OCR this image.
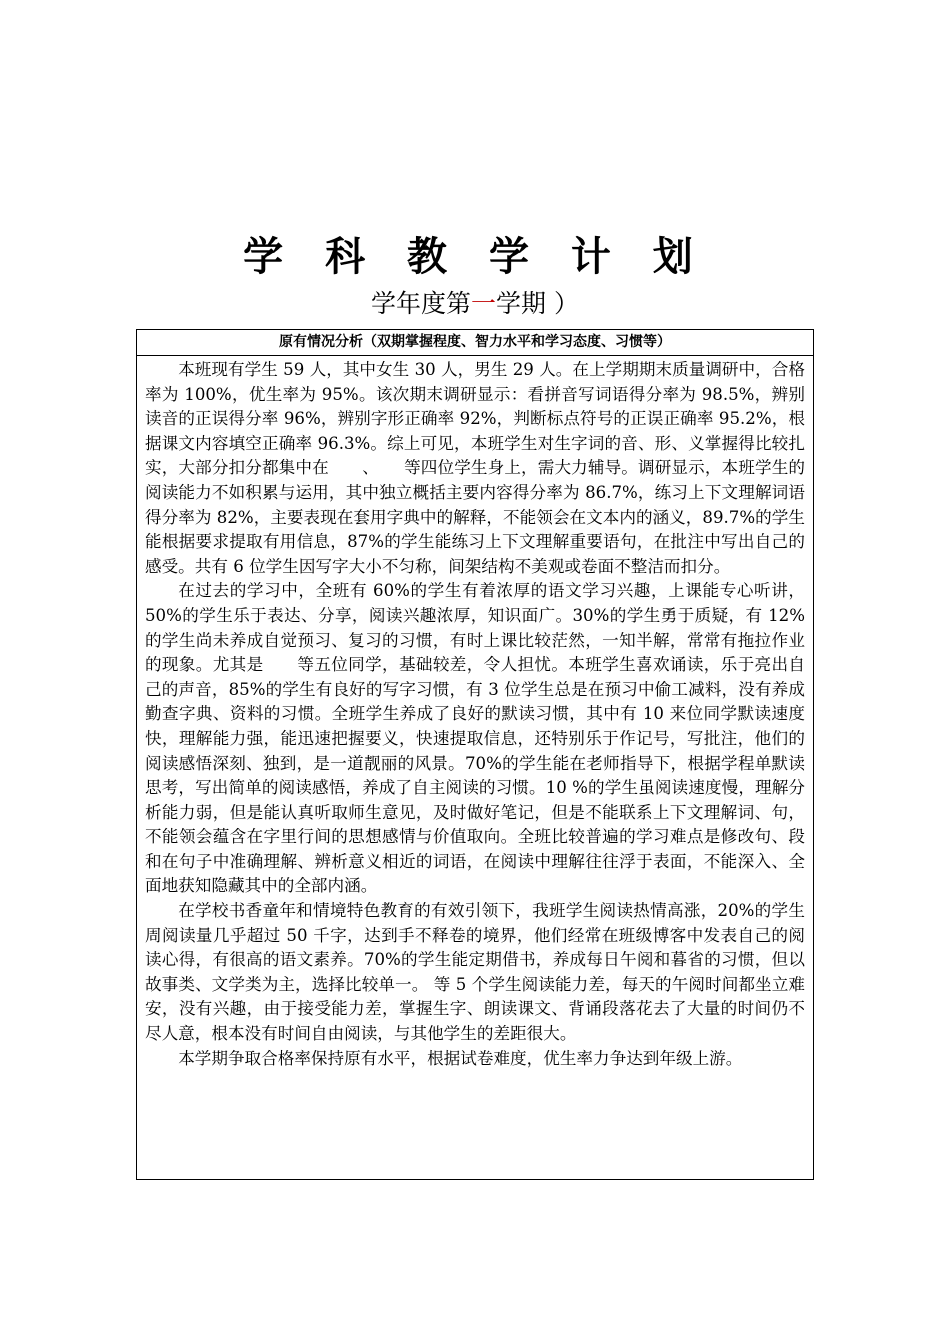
学 科 教 学 计 划
学年度第一学期 ）
原有情况分析（双期掌握程度、智力水平和学习态度、习惯等）

本班现有学生 59 人，其中女生 30 人，男生 29 人。在上学期期末质量调研中，合格率为 100%，优生率为 95%。该次期末调研显示：看拼音写词语得分率为 98.5%，辨别读音的正误得分率 96%，辨别字形正确率 92%，判断标点符号的正误正确率 95.2%，根据课文内容填空正确率 96.3%。综上可见，本班学生对生字词的音、形、义掌握得比较扎实，大部分扣分都集中在　　、　　等四位学生身上，需大力辅导。调研显示，本班学生的阅读能力不如积累与运用，其中独立概括主要内容得分率为 86.7%，练习上下文理解词语得分率为 82%，主要表现在套用字典中的解释，不能领会在文本内的涵义，89.7%的学生能根据要求提取有用信息，87%的学生能练习上下文理解重要语句，在批注中写出自己的感受。共有 6 位学生因写字大小不匀称，间架结构不美观或卷面不整洁而扣分。

在过去的学习中，全班有 60%的学生有着浓厚的语文学习兴趣，上课能专心听讲，50%的学生乐于表达、分享，阅读兴趣浓厚，知识面广。30%的学生勇于质疑，有 12%的学生尚未养成自觉预习、复习的习惯，有时上课比较茫然，一知半解，常常有拖拉作业的现象。尤其是　　等五位同学，基础较差，令人担忧。本班学生喜欢诵读，乐于亮出自己的声音，85%的学生有良好的写字习惯，有 3 位学生总是在预习中偷工减料，没有养成勤查字典、资料的习惯。全班学生养成了良好的默读习惯，其中有 10 来位同学默读速度快，理解能力强，能迅速把握要义，快速提取信息，还特别乐于作记号，写批注，他们的阅读感悟深刻、独到，是一道靓丽的风景。70%的学生能在老师指导下，根据学程单默读思考，写出简单的阅读感悟，养成了自主阅读的习惯。10 %的学生虽阅读速度慢，理解分析能力弱，但是能认真听取师生意见，及时做好笔记，但是不能联系上下文理解词、句，不能领会蕴含在字里行间的思想感情与价值取向。全班比较普遍的学习难点是修改句、段和在句子中准确理解、辨析意义相近的词语，在阅读中理解往往浮于表面，不能深入、全面地获知隐藏其中的全部内涵。

在学校书香童年和情境特色教育的有效引领下，我班学生阅读热情高涨，20%的学生周阅读量几乎超过 50 千字，达到手不释卷的境界，他们经常在班级博客中发表自己的阅读心得，有很高的语文素养。70%的学生能定期借书，养成每日午阅和暮省的习惯，但以故事类、文学类为主，选择比较单一。 等 5 个学生阅读能力差，每天的午阅时间都坐立难安，没有兴趣，由于接受能力差，掌握生字、朗读课文、背诵段落花去了大量的时间仍不尽人意，根本没有时间自由阅读，与其他学生的差距很大。

本学期争取合格率保持原有水平，根据试卷难度，优生率力争达到年级上游。
